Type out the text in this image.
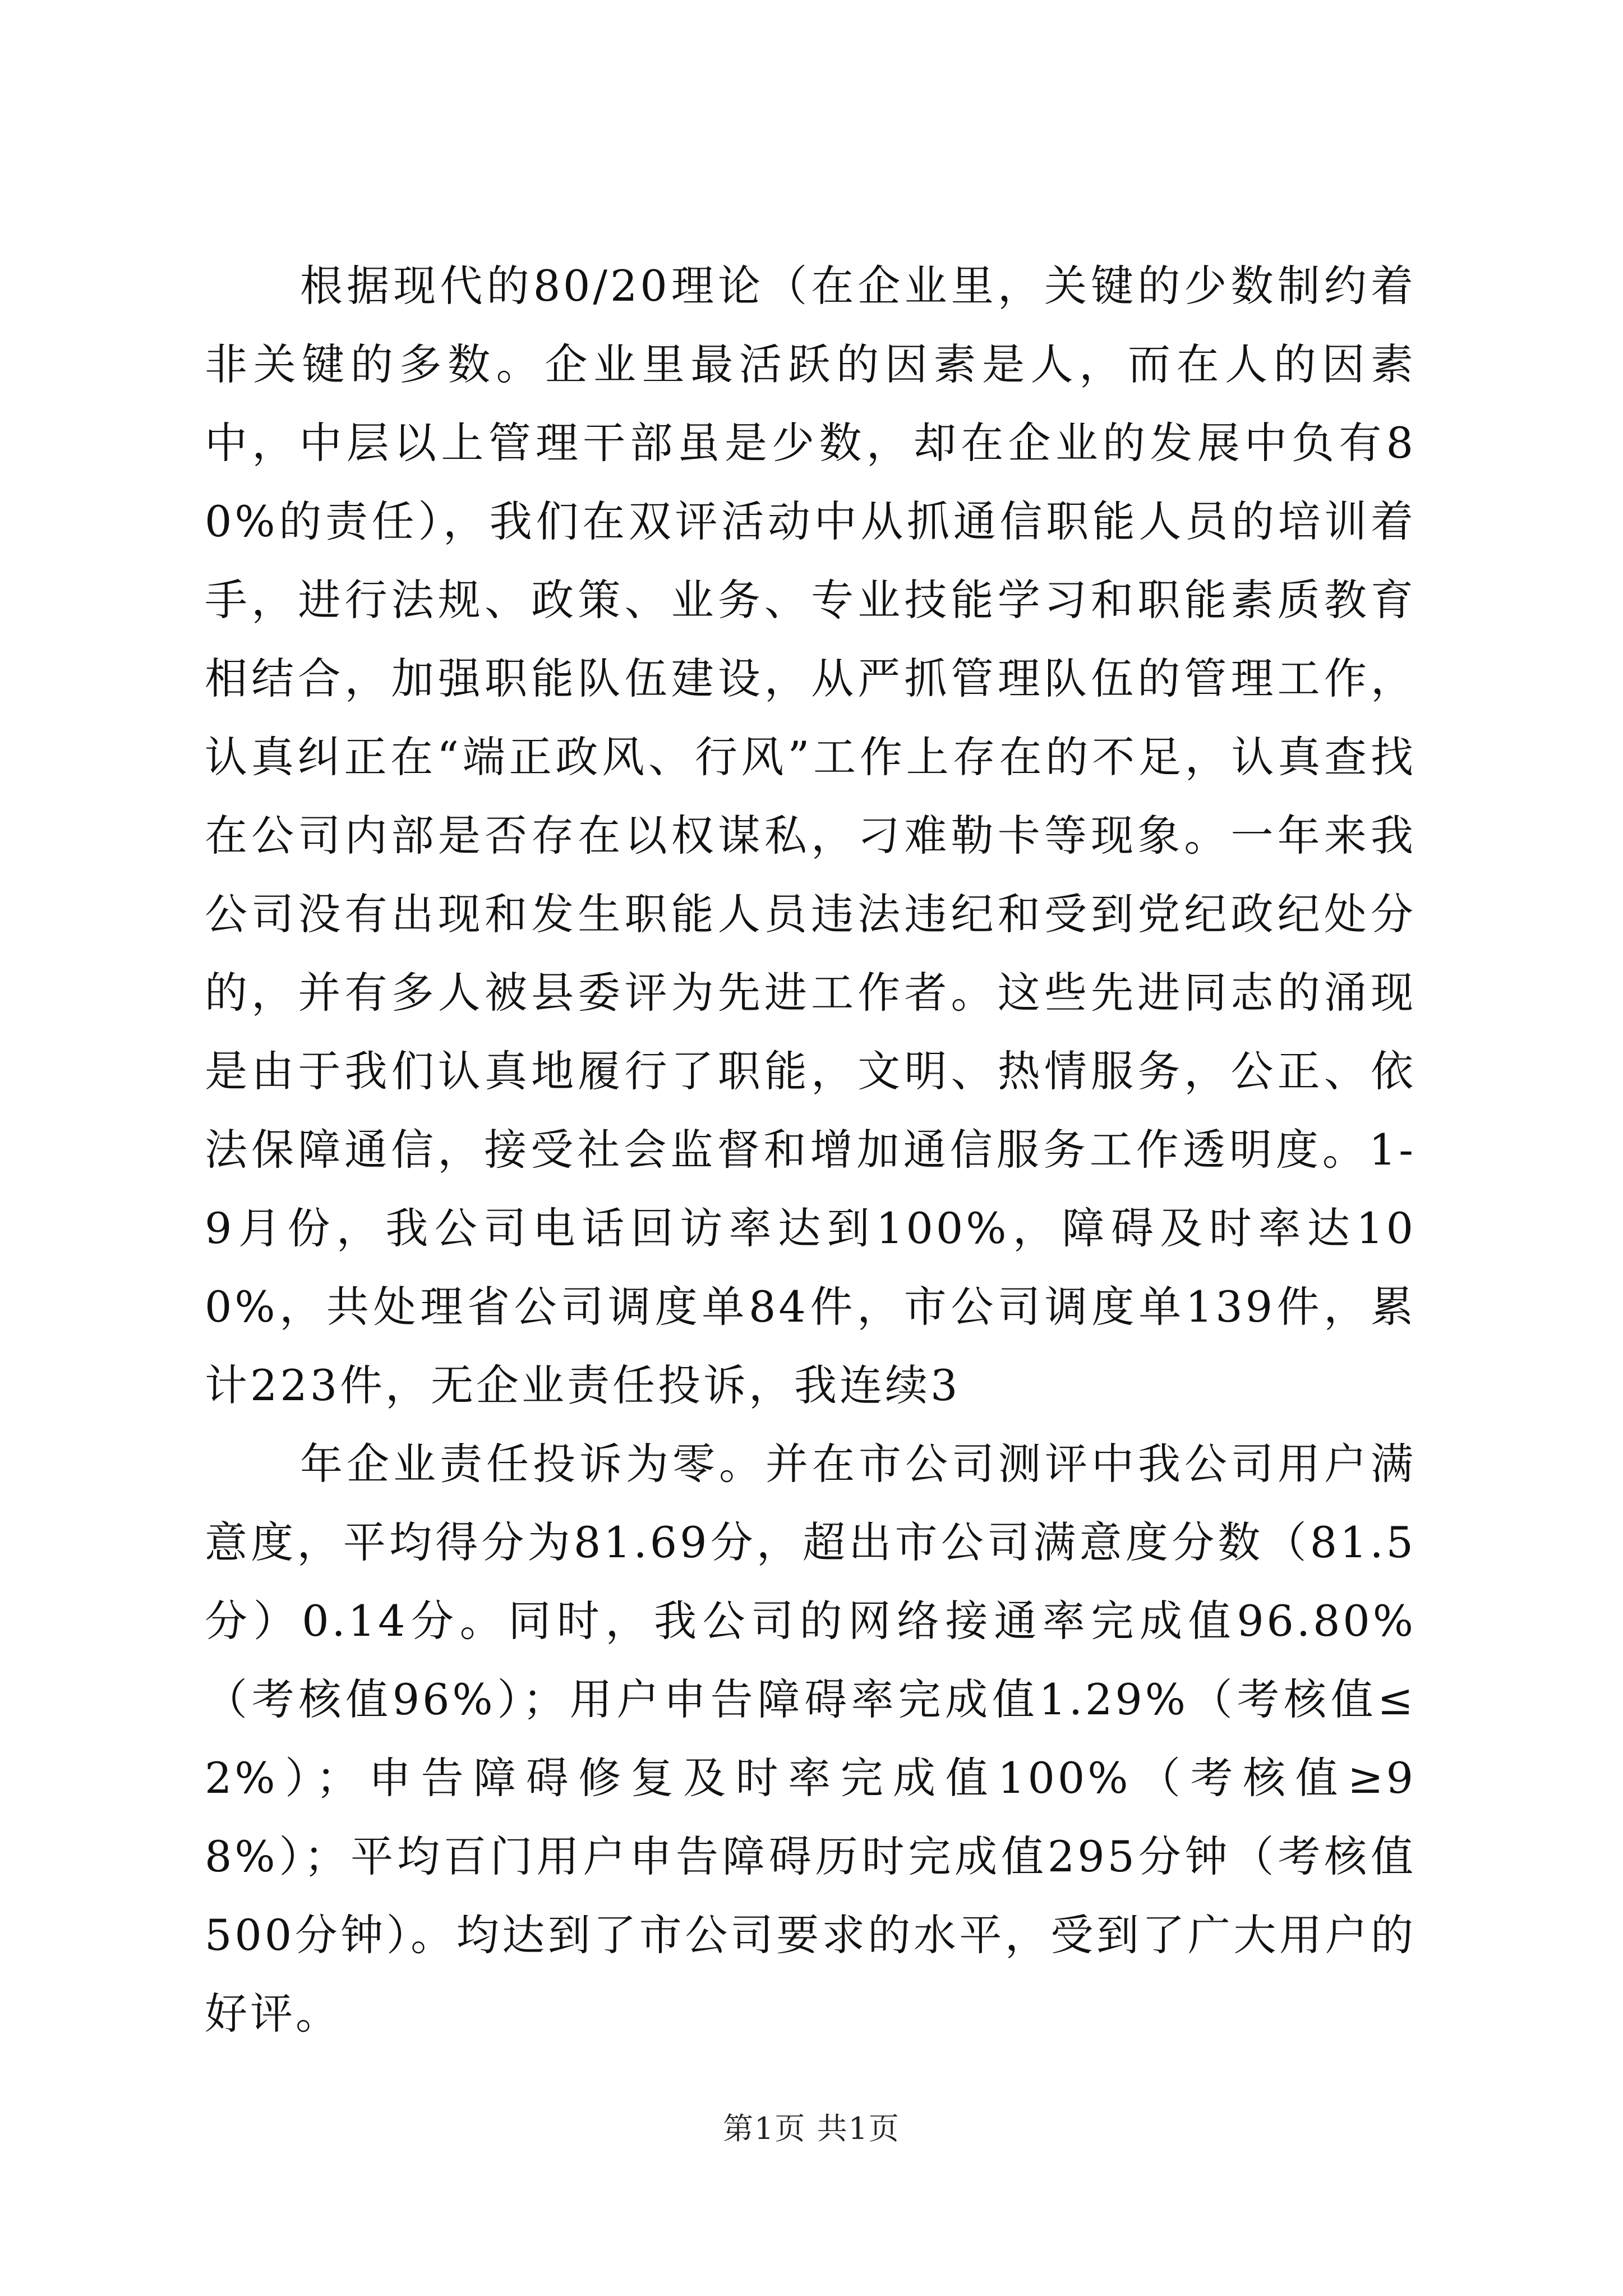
根据现代的80/20理论（在企业里，关键的少数制约着非关键的多数。企业里最活跃的因素是人，而在人的因素中，中层以上管理干部虽是少数，却在企业的发展中负有80%的责任），我们在双评活动中从抓通信职能人员的培训着手，进行法规、政策、业务、专业技能学习和职能素质教育相结合，加强职能队伍建设，从严抓管理队伍的管理工作，认真纠正在“端正政风、行风”工作上存在的不足，认真查找在公司内部是否存在以权谋私，刁难勒卡等现象。一年来我公司没有出现和发生职能人员违法违纪和受到党纪政纪处分的，并有多人被县委评为先进工作者。这些先进同志的涌现是由于我们认真地履行了职能，文明、热情服务，公正、依法保障通信，接受社会监督和增加通信服务工作透明度。1-9月份，我公司电话回访率达到100%，障碍及时率达100%，共处理省公司调度单84件，市公司调度单139件，累计223件，无企业责任投诉，我连续3

年企业责任投诉为零。并在市公司测评中我公司用户满意度，平均得分为81.69分，超出市公司满意度分数（81.5分）0.14分。同时，我公司的网络接通率完成值96.80%（考核值96%）；用户申告障碍率完成值1.29%（考核值≤2%）；申告障碍修复及时率完成值100%（考核值≥98%）；平均百门用户申告障碍历时完成值295分钟（考核值500分钟）。均达到了市公司要求的水平，受到了广大用户的好评。

第1页 共1页
